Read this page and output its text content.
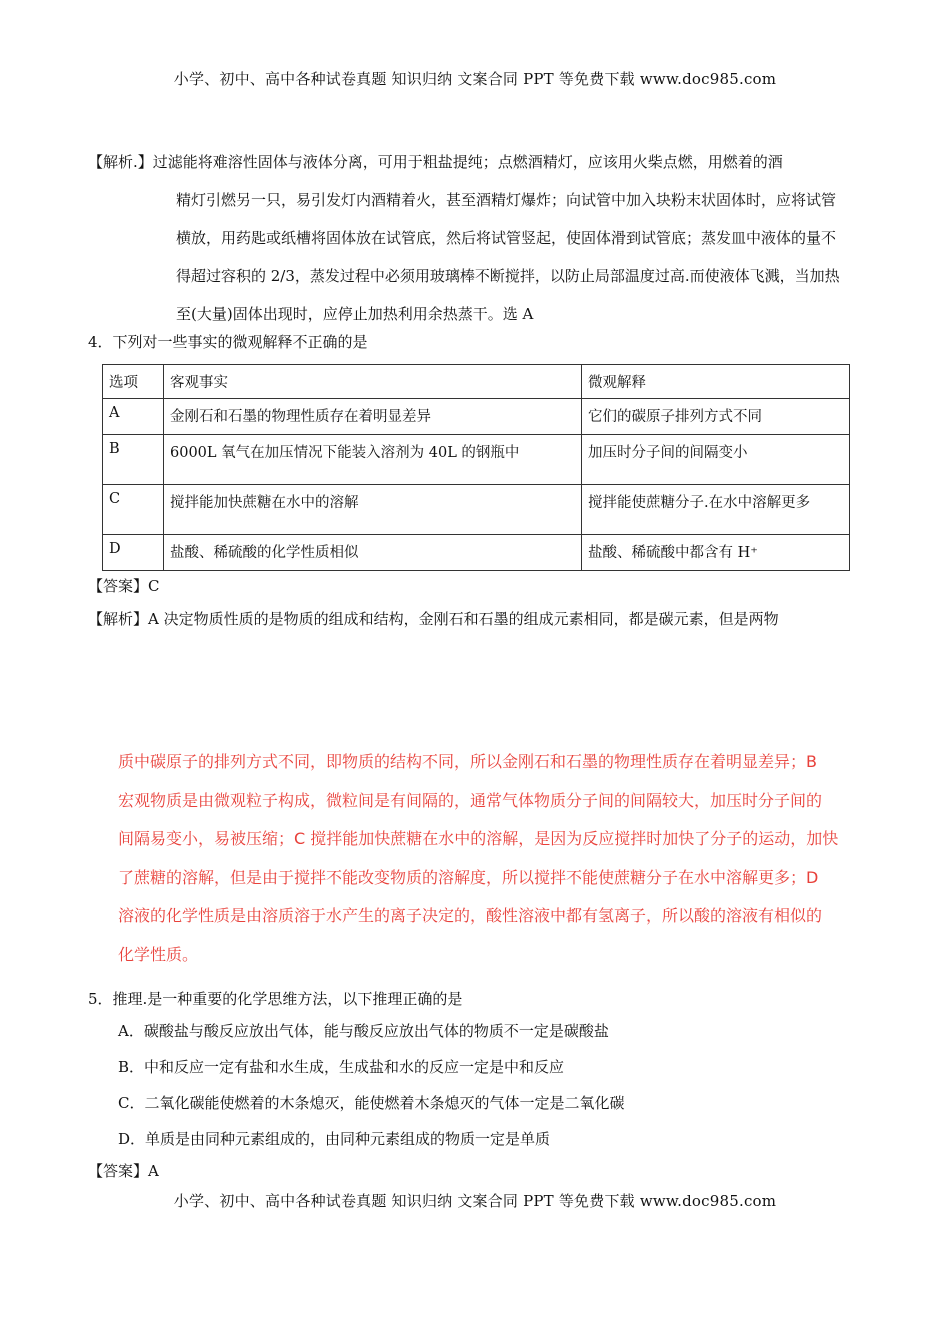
小学、初中、高中各种试卷真题 知识归纳 文案合同 PPT 等免费下载 www.doc985.com

【解析.】过滤能将难溶性固体与液体分离，可用于粗盐提纯；点燃酒精灯，应该用火柴点燃，用燃着的酒

精灯引燃另一只，易引发灯内酒精着火，甚至酒精灯爆炸；向试管中加入块粉末状固体时，应将试管

横放，用药匙或纸槽将固体放在试管底，然后将试管竖起，使固体滑到试管底；蒸发皿中液体的量不

得超过容积的 2/3，蒸发过程中必须用玻璃棒不断搅拌，以防止局部温度过高.而使液体飞溅，当加热

至(大量)固体出现时，应停止加热利用余热蒸干。选 A

4．下列对一些事实的微观解释不正确的是
选项	客观事实	微观解释
A	金刚石和石墨的物理性质存在着明显差异	它们的碳原子排列方式不同
B	6000L 氧气在加压情况下能装入溶剂为 40L 的钢瓶中	加压时分子间的间隔变小
C	搅拌能加快蔗糖在水中的溶解	搅拌能使蔗糖分子.在水中溶解更多
D	盐酸、稀硫酸的化学性质相似	盐酸、稀硫酸中都含有 H⁺
【答案】C
【解析】A 决定物质性质的是物质的组成和结构，金刚石和石墨的组成元素相同，都是碳元素，但是两物

质中碳原子的排列方式不同，即物质的结构不同，所以金刚石和石墨的物理性质存在着明显差异；B

宏观物质是由微观粒子构成，微粒间是有间隔的，通常气体物质分子间的间隔较大，加压时分子间的

间隔易变小，易被压缩；C 搅拌能加快蔗糖在水中的溶解，是因为反应搅拌时加快了分子的运动，加快

了蔗糖的溶解，但是由于搅拌不能改变物质的溶解度，所以搅拌不能使蔗糖分子在水中溶解更多；D

溶液的化学性质是由溶质溶于水产生的离子决定的，酸性溶液中都有氢离子，所以酸的溶液有相似的

化学性质。

5．推理.是一种重要的化学思维方法，以下推理正确的是
A．碳酸盐与酸反应放出气体，能与酸反应放出气体的物质不一定是碳酸盐
B．中和反应一定有盐和水生成，生成盐和水的反应一定是中和反应
C．二氧化碳能使燃着的木条熄灭，能使燃着木条熄灭的气体一定是二氧化碳
D．单质是由同种元素组成的，由同种元素组成的物质一定是单质
【答案】A
小学、初中、高中各种试卷真题 知识归纳 文案合同 PPT 等免费下载 www.doc985.com
